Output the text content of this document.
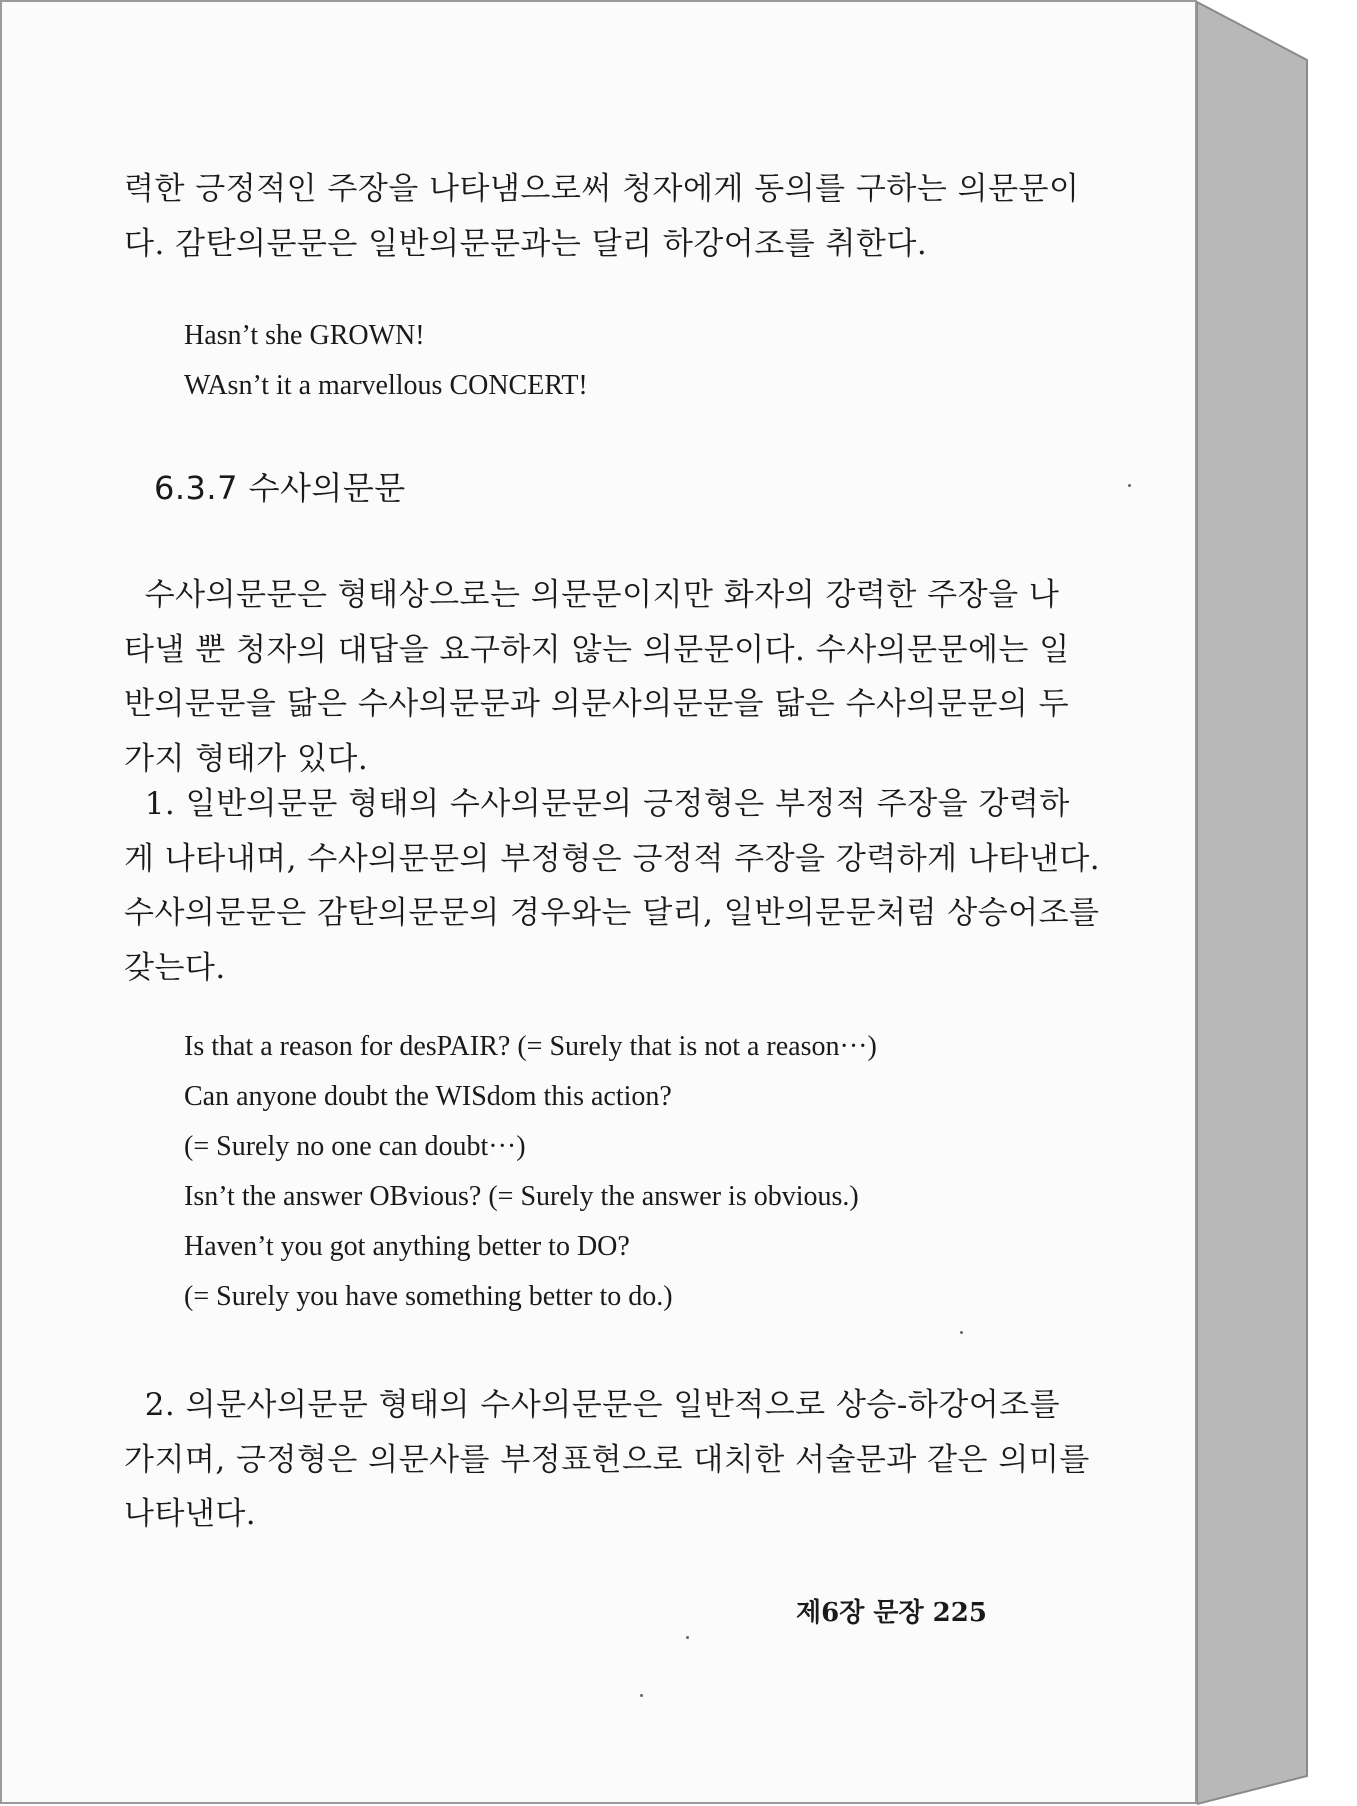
력한 긍정적인 주장을 나타냄으로써 청자에게 동의를 구하는 의문문이
다. 감탄의문문은 일반의문문과는 달리 하강어조를 취한다.
Hasn’t she GROWN!
WAsn’t it a marvellous CONCERT!
6.3.7 수사의문문
수사의문문은 형태상으로는 의문문이지만 화자의 강력한 주장을 나
타낼 뿐 청자의 대답을 요구하지 않는 의문문이다. 수사의문문에는 일
반의문문을 닮은 수사의문문과 의문사의문문을 닮은 수사의문문의 두
가지 형태가 있다.
1. 일반의문문 형태의 수사의문문의 긍정형은 부정적 주장을 강력하
게 나타내며, 수사의문문의 부정형은 긍정적 주장을 강력하게 나타낸다.
수사의문문은 감탄의문문의 경우와는 달리, 일반의문문처럼 상승어조를
갖는다.
Is that a reason for desPAIR? (= Surely that is not a reason···)
Can anyone doubt the WISdom this action?
(= Surely no one can doubt···)
Isn’t the answer OBvious? (= Surely the answer is obvious.)
Haven’t you got anything better to DO?
(= Surely you have something better to do.)
2. 의문사의문문 형태의 수사의문문은 일반적으로 상승-하강어조를
가지며, 긍정형은 의문사를 부정표현으로 대치한 서술문과 같은 의미를
나타낸다.
제6장 문장 225
